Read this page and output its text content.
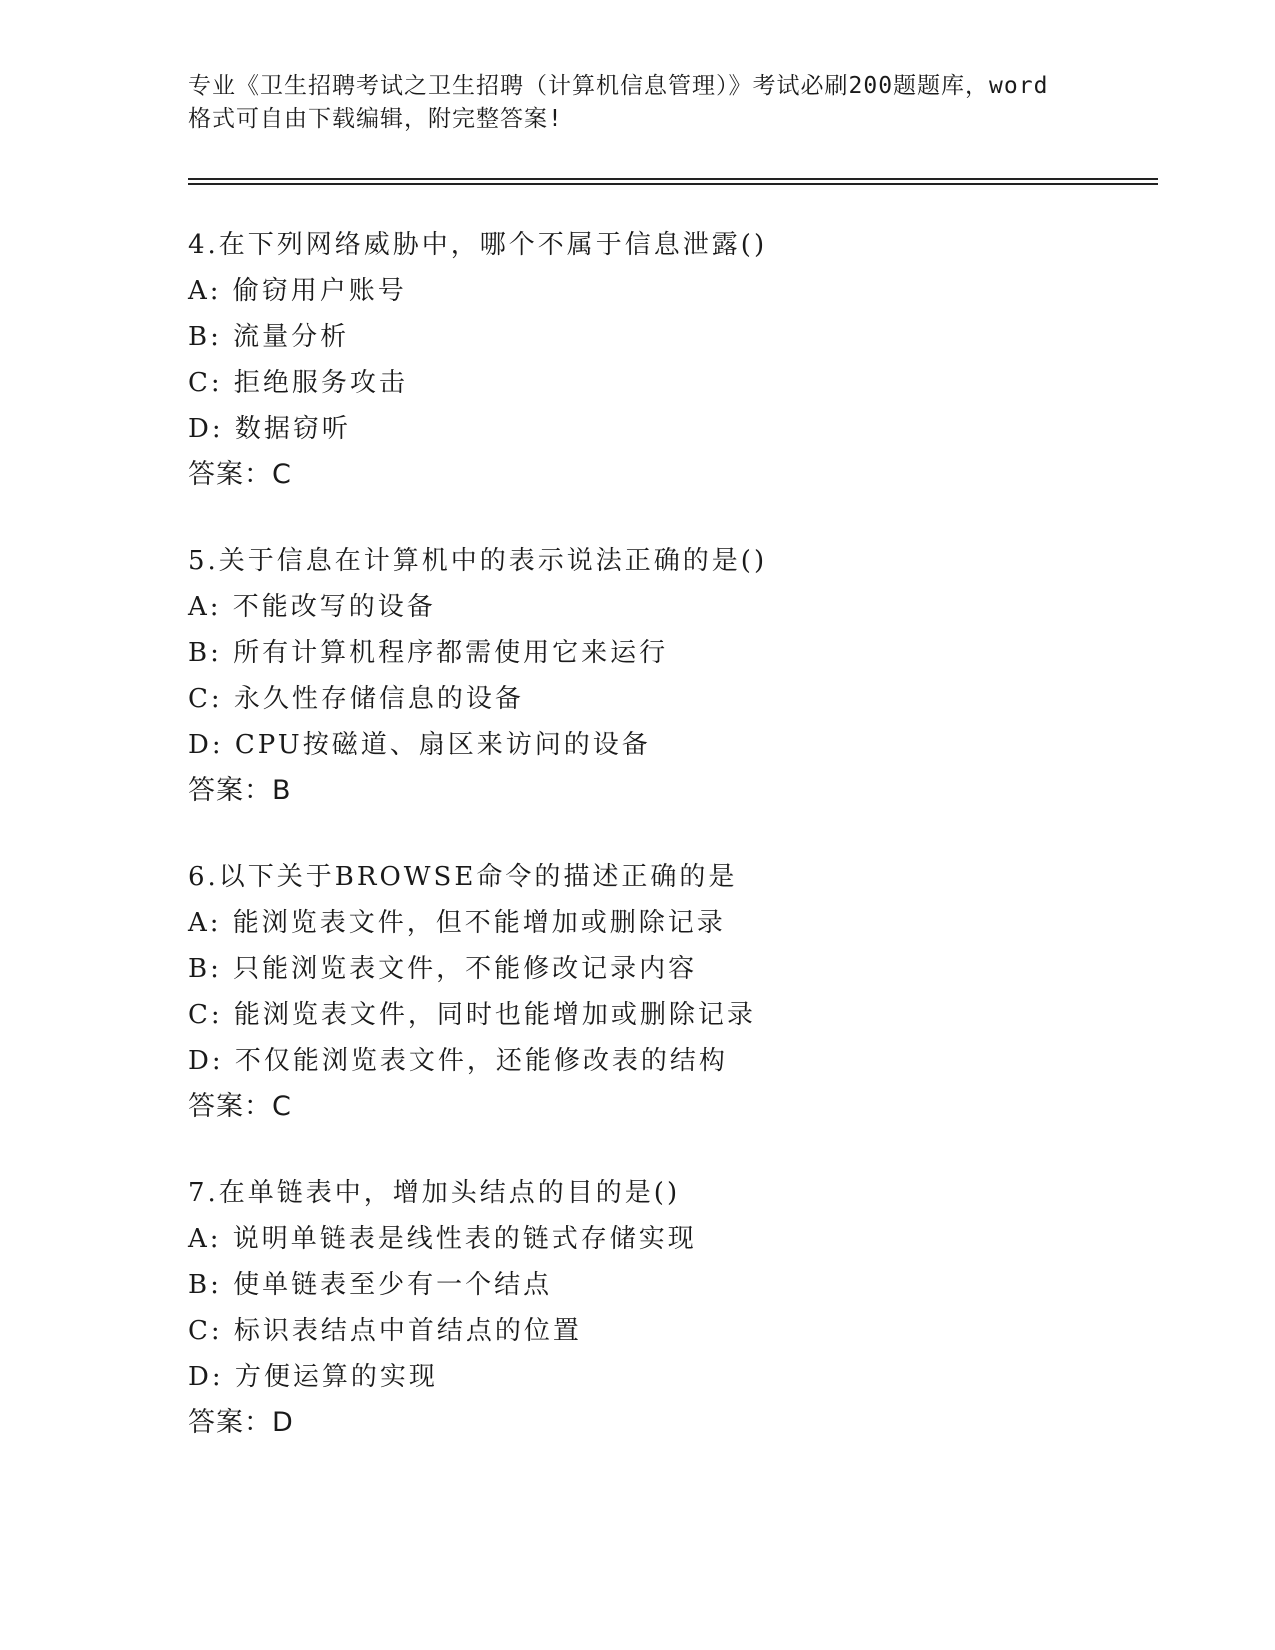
专业《卫生招聘考试之卫生招聘（计算机信息管理）》考试必刷200题题库，word
格式可自由下载编辑，附完整答案!
4.在下列网络威胁中，哪个不属于信息泄露()
A: 偷窃用户账号
B: 流量分析
C: 拒绝服务攻击
D: 数据窃听
答案：C
5.关于信息在计算机中的表示说法正确的是()
A: 不能改写的设备
B: 所有计算机程序都需使用它来运行
C: 永久性存储信息的设备
D: CPU按磁道、扇区来访问的设备
答案：B
6.以下关于BROWSE命令的描述正确的是
A: 能浏览表文件，但不能增加或删除记录
B: 只能浏览表文件，不能修改记录内容
C: 能浏览表文件，同时也能增加或删除记录
D: 不仅能浏览表文件，还能修改表的结构
答案：C
7.在单链表中，增加头结点的目的是()
A: 说明单链表是线性表的链式存储实现
B: 使单链表至少有一个结点
C: 标识表结点中首结点的位置
D: 方便运算的实现
答案：D
